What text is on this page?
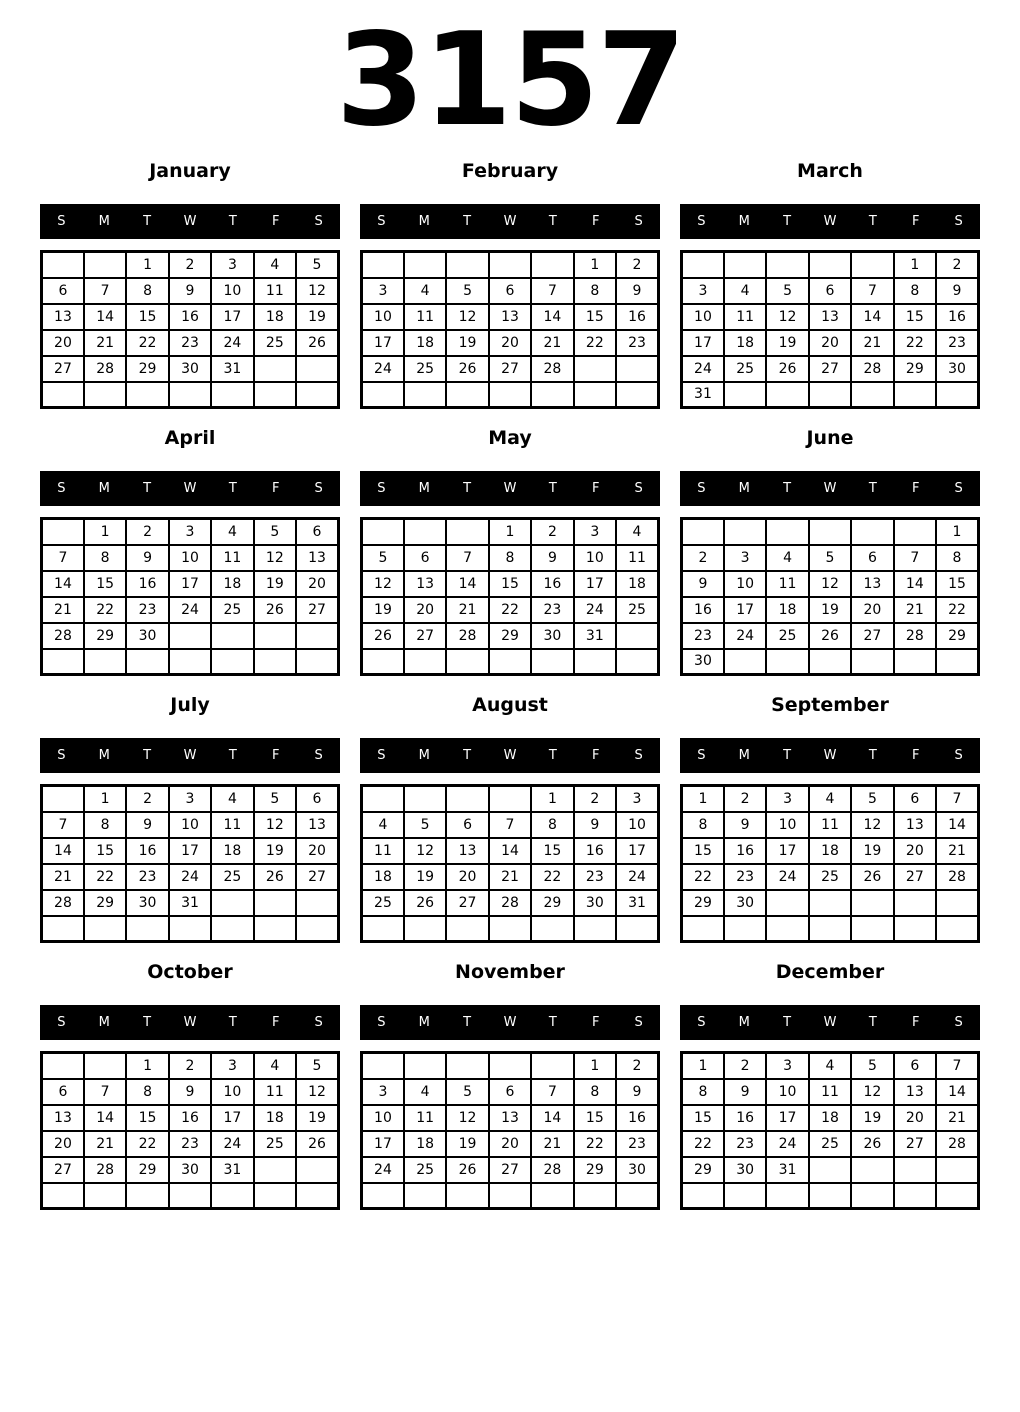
3157
January
S	M	T	W	T	F	S
		1	2	3	4	5
6	7	8	9	10	11	12
13	14	15	16	17	18	19
20	21	22	23	24	25	26
27	28	29	30	31		

February
S	M	T	W	T	F	S
					1	2
3	4	5	6	7	8	9
10	11	12	13	14	15	16
17	18	19	20	21	22	23
24	25	26	27	28		

March
S	M	T	W	T	F	S
					1	2
3	4	5	6	7	8	9
10	11	12	13	14	15	16
17	18	19	20	21	22	23
24	25	26	27	28	29	30
31						
April
S	M	T	W	T	F	S
	1	2	3	4	5	6
7	8	9	10	11	12	13
14	15	16	17	18	19	20
21	22	23	24	25	26	27
28	29	30				

May
S	M	T	W	T	F	S
			1	2	3	4
5	6	7	8	9	10	11
12	13	14	15	16	17	18
19	20	21	22	23	24	25
26	27	28	29	30	31	

June
S	M	T	W	T	F	S
						1
2	3	4	5	6	7	8
9	10	11	12	13	14	15
16	17	18	19	20	21	22
23	24	25	26	27	28	29
30						
July
S	M	T	W	T	F	S
	1	2	3	4	5	6
7	8	9	10	11	12	13
14	15	16	17	18	19	20
21	22	23	24	25	26	27
28	29	30	31			

August
S	M	T	W	T	F	S
				1	2	3
4	5	6	7	8	9	10
11	12	13	14	15	16	17
18	19	20	21	22	23	24
25	26	27	28	29	30	31

September
S	M	T	W	T	F	S
1	2	3	4	5	6	7
8	9	10	11	12	13	14
15	16	17	18	19	20	21
22	23	24	25	26	27	28
29	30					

October
S	M	T	W	T	F	S
		1	2	3	4	5
6	7	8	9	10	11	12
13	14	15	16	17	18	19
20	21	22	23	24	25	26
27	28	29	30	31		

November
S	M	T	W	T	F	S
					1	2
3	4	5	6	7	8	9
10	11	12	13	14	15	16
17	18	19	20	21	22	23
24	25	26	27	28	29	30

December
S	M	T	W	T	F	S
1	2	3	4	5	6	7
8	9	10	11	12	13	14
15	16	17	18	19	20	21
22	23	24	25	26	27	28
29	30	31				
